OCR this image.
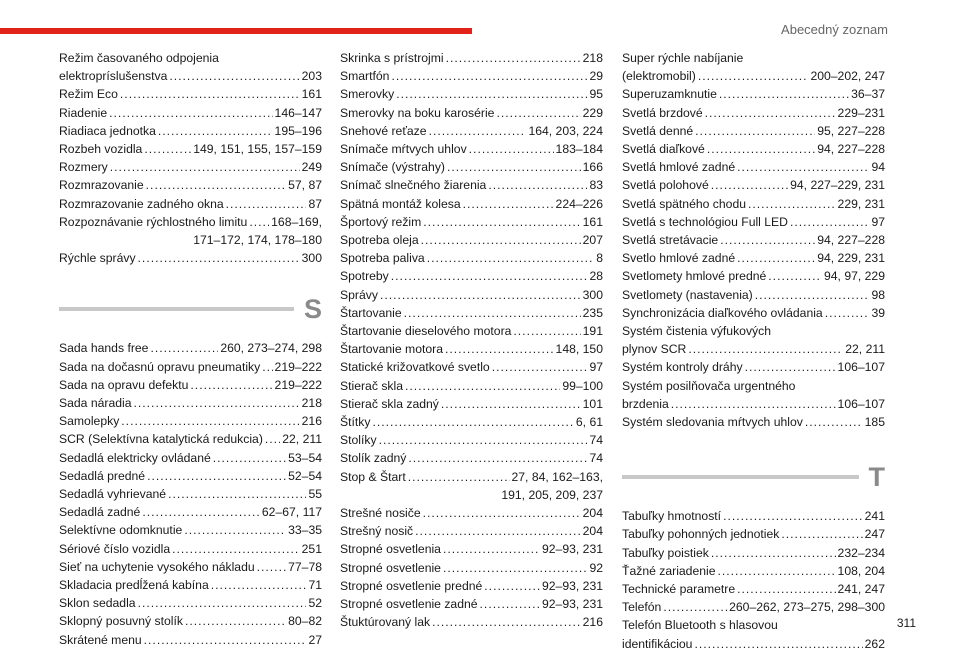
Abecedný zoznam
Režim časovaného odpojenia
elektropríslušenstva .....	203
Režim Eco .....	161
Riadenie .....	146–147
Riadiaca jednotka .....	195–196
Rozbeh vozidla .....	149, 151, 155, 157–159
Rozmery .....	249
Rozmrazovanie .....	57, 87
Rozmrazovanie zadného okna .....	87
Rozpoznávanie rýchlostného limitu ..... 168–169,
171–172, 174, 178–180
Rýchle správy .....	300
S
Sada hands free .....	260, 273–274, 298
Sada na dočasnú opravu pneumatiky ..... 219–222
Sada na opravu defektu .....	219–222
Sada náradia .....	218
Samolepky .....	216
SCR (Selektívna katalytická redukcia) ..... 22, 211
Sedadlá elektricky ovládané .....	53–54
Sedadlá predné .....	52–54
Sedadlá vyhrievané .....	55
Sedadlá zadné .....	62–67, 117
Selektívne odomknutie .....	33–35
Sériové číslo vozidla .....	251
Sieť na uchytenie vysokého nákladu .....	77–78
Skladacia predĺžená kabína .....	71
Sklon sedadla .....	52
Sklopný posuvný stolík .....	80–82
Skrátené menu .....	27
Skrinka s prístrojmi .....	218
Smartfón .....	29
Smerovky .....	95
Smerovky na boku karosérie .....	229
Snehové reťaze .....	164, 203, 224
Snímače mŕtvych uhlov .....	183–184
Snímače (výstrahy) .....	166
Snímač slnečného žiarenia .....	83
Spätná montáž kolesa .....	224–226
Športový režim .....	161
Spotreba oleja .....	207
Spotreba paliva .....	8
Spotreby .....	28
Správy .....	300
Štartovanie .....	235
Štartovanie dieselového motora .....	191
Štartovanie motora .....	148, 150
Statické križovatkové svetlo .....	97
Stierač skla .....	99–100
Stierač skla zadný .....	101
Štítky .....	6, 61
Stolíky .....	74
Stolík zadný .....	74
Stop & Štart .....	27, 84, 162–163,
191, 205, 209, 237
Strešné nosiče .....	204
Strešný nosič .....	204
Stropné osvetlenia .....	92–93, 231
Stropné osvetlenie .....	92
Stropné osvetlenie predné .....	92–93, 231
Stropné osvetlenie zadné .....	92–93, 231
Štuktúrovaný lak .....	216
Super rýchle nabíjanie
(elektromobil) .....	200–202, 247
Superuzamknutie .....	36–37
Svetlá brzdové .....	229–231
Svetlá denné .....	95, 227–228
Svetlá diaľkové .....	94, 227–228
Svetlá hmlové zadné .....	94
Svetlá polohové .....	94, 227–229, 231
Svetlá spätného chodu .....	229, 231
Svetlá s technológiou Full LED .....	97
Svetlá stretávacie .....	94, 227–228
Svetlo hmlové zadné .....	94, 229, 231
Svetlomety hmlové predné .....	94, 97, 229
Svetlomety (nastavenia) .....	98
Synchronizácia diaľkového ovládania .....	39
Systém čistenia výfukových
plynov SCR .....	22, 211
Systém kontroly dráhy .....	106–107
Systém posilňovača urgentného
brzdenia .....	106–107
Systém sledovania mŕtvych uhlov .....	185
T
Tabuľky hmotností .....	241
Tabuľky pohonných jednotiek .....	247
Tabuľky poistiek .....	232–234
Ťažné zariadenie .....	108, 204
Technické parametre .....	241, 247
Telefón .....	260–262, 273–275, 298–300
Telefón Bluetooth s hlasovou
identifikáciou .....	262
311
